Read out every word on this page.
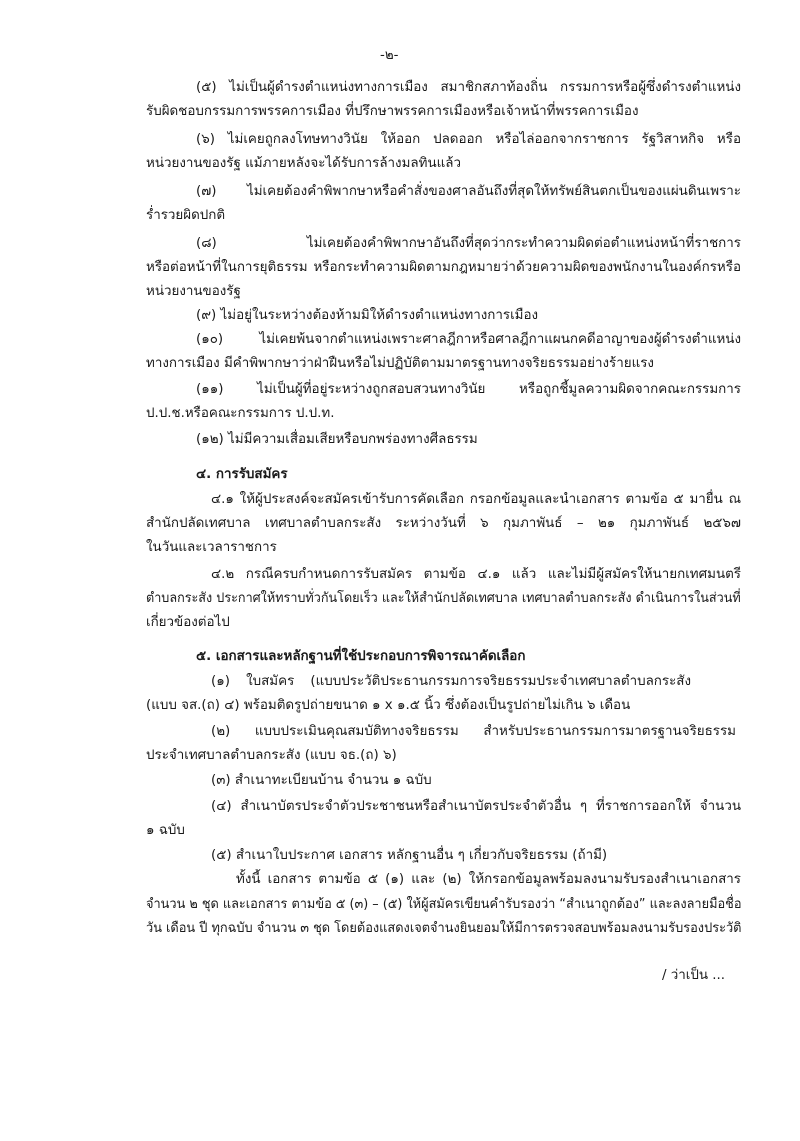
-๒-
(๕) ไม่เป็นผู้ดำรงตำแหน่งทางการเมือง สมาชิกสภาท้องถิ่น กรรมการหรือผู้ซึ่งดำรงตำแหน่ง
รับผิดชอบกรรมการพรรคการเมือง ที่ปรึกษาพรรคการเมืองหรือเจ้าหน้าที่พรรคการเมือง
(๖) ไม่เคยถูกลงโทษทางวินัย ให้ออก ปลดออก หรือไล่ออกจากราชการ รัฐวิสาหกิจ หรือ
หน่วยงานของรัฐ แม้ภายหลังจะได้รับการล้างมลทินแล้ว
(๗) ไม่เคยต้องคำพิพากษาหรือคำสั่งของศาลอันถึงที่สุดให้ทรัพย์สินตกเป็นของแผ่นดินเพราะ
ร่ำรวยผิดปกติ
(๘) ไม่เคยต้องคำพิพากษาอันถึงที่สุดว่ากระทำความผิดต่อตำแหน่งหน้าที่ราชการ
หรือต่อหน้าที่ในการยุติธรรม หรือกระทำความผิดตามกฎหมายว่าด้วยความผิดของพนักงานในองค์กรหรือ
หน่วยงานของรัฐ
(๙) ไม่อยู่ในระหว่างต้องห้ามมิให้ดำรงตำแหน่งทางการเมือง
(๑๐) ไม่เคยพ้นจากตำแหน่งเพราะศาลฎีกาหรือศาลฎีกาแผนกคดีอาญาของผู้ดำรงตำแหน่ง
ทางการเมือง มีคำพิพากษาว่าฝ่าฝืนหรือไม่ปฏิบัติตามมาตรฐานทางจริยธรรมอย่างร้ายแรง
(๑๑) ไม่เป็นผู้ที่อยู่ระหว่างถูกสอบสวนทางวินัย หรือถูกชี้มูลความผิดจากคณะกรรมการ
ป.ป.ช.หรือคณะกรรมการ ป.ป.ท.
(๑๒) ไม่มีความเสื่อมเสียหรือบกพร่องทางศีลธรรม
๔. การรับสมัคร
๔.๑ ให้ผู้ประสงค์จะสมัครเข้ารับการคัดเลือก กรอกข้อมูลและนำเอกสาร ตามข้อ ๕ มายื่น ณ
สำนักปลัดเทศบาล เทศบาลตำบลกระสัง ระหว่างวันที่ ๖ กุมภาพันธ์ – ๒๑ กุมภาพันธ์ ๒๕๖๗
ในวันและเวลาราชการ
๔.๒ กรณีครบกำหนดการรับสมัคร ตามข้อ ๔.๑ แล้ว และไม่มีผู้สมัครให้นายกเทศมนตรี
ตำบลกระสัง ประกาศให้ทราบทั่วกันโดยเร็ว และให้สำนักปลัดเทศบาล เทศบาลตำบลกระสัง ดำเนินการในส่วนที่
เกี่ยวข้องต่อไป
๕. เอกสารและหลักฐานที่ใช้ประกอบการพิจารณาคัดเลือก
(๑) ใบสมัคร (แบบประวัติประธานกรรมการจริยธรรมประจำเทศบาลตำบลกระสัง
(แบบ จส.(ถ) ๔) พร้อมติดรูปถ่ายขนาด ๑ x ๑.๕ นิ้ว ซึ่งต้องเป็นรูปถ่ายไม่เกิน ๖ เดือน
(๒) แบบประเมินคุณสมบัติทางจริยธรรม สำหรับประธานกรรมการมาตรฐานจริยธรรม
ประจำเทศบาลตำบลกระสัง (แบบ จธ.(ถ) ๖)
(๓) สำเนาทะเบียนบ้าน จำนวน ๑ ฉบับ
(๔) สำเนาบัตรประจำตัวประชาชนหรือสำเนาบัตรประจำตัวอื่น ๆ ที่ราชการออกให้ จำนวน
๑ ฉบับ
(๕) สำเนาใบประกาศ เอกสาร หลักฐานอื่น ๆ เกี่ยวกับจริยธรรม (ถ้ามี)
ทั้งนี้ เอกสาร ตามข้อ ๕ (๑) และ (๒) ให้กรอกข้อมูลพร้อมลงนามรับรองสำเนาเอกสาร
จำนวน ๒ ชุด และเอกสาร ตามข้อ ๕ (๓) – (๕) ให้ผู้สมัครเขียนคำรับรองว่า “สำเนาถูกต้อง” และลงลายมือชื่อ
วัน เดือน ปี ทุกฉบับ จำนวน ๓ ชุด โดยต้องแสดงเจตจำนงยินยอมให้มีการตรวจสอบพร้อมลงนามรับรองประวัติ
/ ว่าเป็น ...
